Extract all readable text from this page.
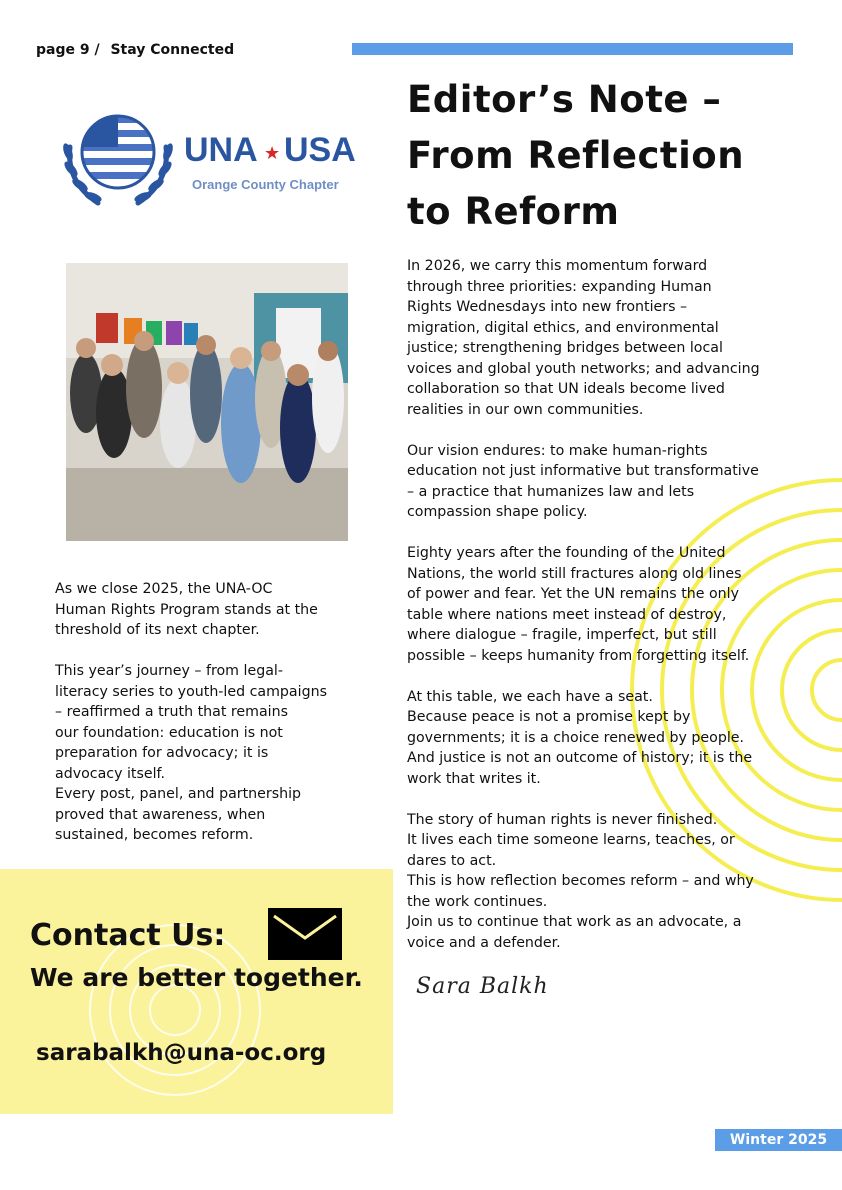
page 9 / Stay Connected
UNA ★ USA
Orange County Chapter
Editor’s Note –
From Reflection
to Reform

In 2026, we carry this momentum forward
through three priorities: expanding Human
Rights Wednesdays into new frontiers –
migration, digital ethics, and environmental
justice; strengthening bridges between local
voices and global youth networks; and advancing
collaboration so that UN ideals become lived
realities in our own communities.

Our vision endures: to make human-rights
education not just informative but transformative
– a practice that humanizes law and lets
compassion shape policy.

Eighty years after the founding of the United
Nations, the world still fractures along old lines
of power and fear. Yet the UN remains the only
table where nations meet instead of destroy,
where dialogue – fragile, imperfect, but still
possible – keeps humanity from forgetting itself.

At this table, we each have a seat.
Because peace is not a promise kept by
governments; it is a choice renewed by people.
And justice is not an outcome of history; it is the
work that writes it.

The story of human rights is never finished.
It lives each time someone learns, teaches, or
dares to act.
This is how reflection becomes reform – and why
the work continues.
Join us to continue that work as an advocate, a
voice and a defender.

As we close 2025, the UNA-OC
Human Rights Program stands at the
threshold of its next chapter.

This year’s journey – from legal-
literacy series to youth-led campaigns
– reaffirmed a truth that remains
our foundation: education is not
preparation for advocacy; it is
advocacy itself.
Every post, panel, and partnership
proved that awareness, when
sustained, becomes reform.

Sara Balkh
Contact Us:
We are better together.
sarabalkh@una-oc.org
Winter 2025
